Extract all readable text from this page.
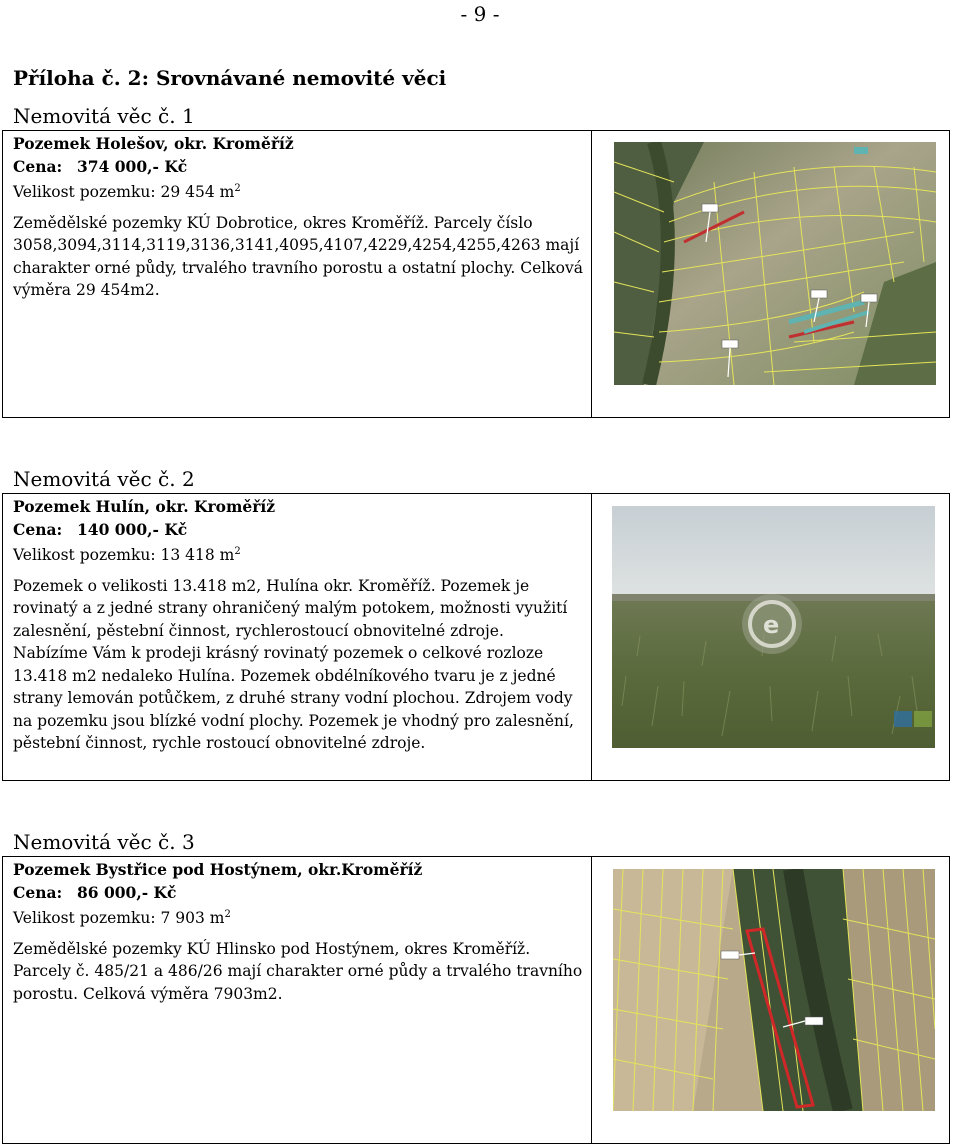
- 9 -
Příloha č. 2: Srovnávané nemovité věci
Nemovitá věc č. 1
Pozemek Holešov, okr. Kroměříž
Cena: 374 000,- Kč
Velikost pozemku: 29 454 $m^2$
Zemědělské pozemky KÚ Dobrotice, okres Kroměříž. Parcely číslo 3058,3094,3114,3119,3136,3141,4095,4107,4229,4254,4255,4263 mají charakter orné půdy, trvalého travního porostu a ostatní plochy. Celková výměra 29 454m2.
Nemovitá věc č. 2
Pozemek Hulín, okr. Kroměříž
Cena: 140 000,- Kč
Velikost pozemku: 13 418 $m^2$
Pozemek o velikosti 13.418 m2, Hulína okr. Kroměříž. Pozemek je rovinatý a z jedné strany ohraničený malým potokem, možnosti využití zalesnění, pěstební činnost, rychlerostoucí obnovitelné zdroje. Nabízíme Vám k prodeji krásný rovinatý pozemek o celkové rozloze 13.418 m2 nedaleko Hulína. Pozemek obdélníkového tvaru je z jedné strany lemován potůčkem, z druhé strany vodní plochou. Zdrojem vody na pozemku jsou blízké vodní plochy. Pozemek je vhodný pro zalesnění, pěstební činnost, rychle rostoucí obnovitelné zdroje.
e
Nemovitá věc č. 3
Pozemek Bystřice pod Hostýnem, okr.Kroměříž
Cena: 86 000,- Kč
Velikost pozemku: 7 903 $m^2$
Zemědělské pozemky KÚ Hlinsko pod Hostýnem, okres Kroměříž. Parcely č. 485/21 a 486/26 mají charakter orné půdy a trvalého travního porostu. Celková výměra 7903m2.
